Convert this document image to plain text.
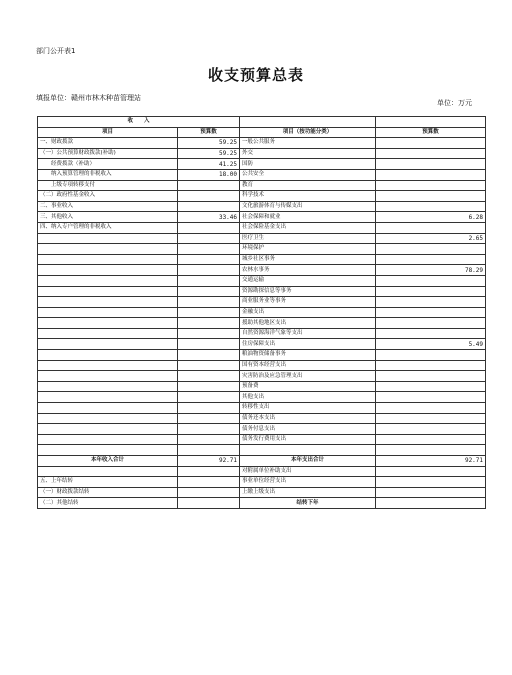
部门公开表1
收支预算总表
填报单位：赣州市林木种苗管理站
单位：万元
收　　入			
项目	预算数	项目（按功能分类）	预算数
一、财政拨款	59.25	一般公共服务	
（一）公共预算财政拨款(补助)	59.25	外交	
　　经费拨款（补助）	41.25	国防	
　　纳入预算管理的非税收入	18.00	公共安全	
　　上级专项转移支付		教育	
（二）政府性基金收入		科学技术	
二、事业收入		文化旅游体育与传媒支出	
三、其他收入	33.46	社会保障和就业	6.28
四、纳入专户管理的非税收入		社会保险基金支出	
		医疗卫生	2.65
		环境保护	
		城乡社区事务	
		农林水事务	78.29
		交通运输	
		资源勘探信息等事务	
		商业服务业等事务	
		金融支出	
		援助其他地区支出	
		自然资源海洋气象等支出	
		住房保障支出	5.49
		粮油物资储备事务	
		国有资本经营支出	
		灾害防治及应急管理支出	
		预备费	
		其他支出	
		转移性支出	
		债务还本支出	
		债务付息支出	
		债务发行费用支出	

本年收入合计	92.71	本年支出合计	92.71
		对附属单位补助支出	
五、上年结转		事业单位经营支出	
（一）财政拨款结转		上缴上级支出	
（二）其他结转		结转下年	
